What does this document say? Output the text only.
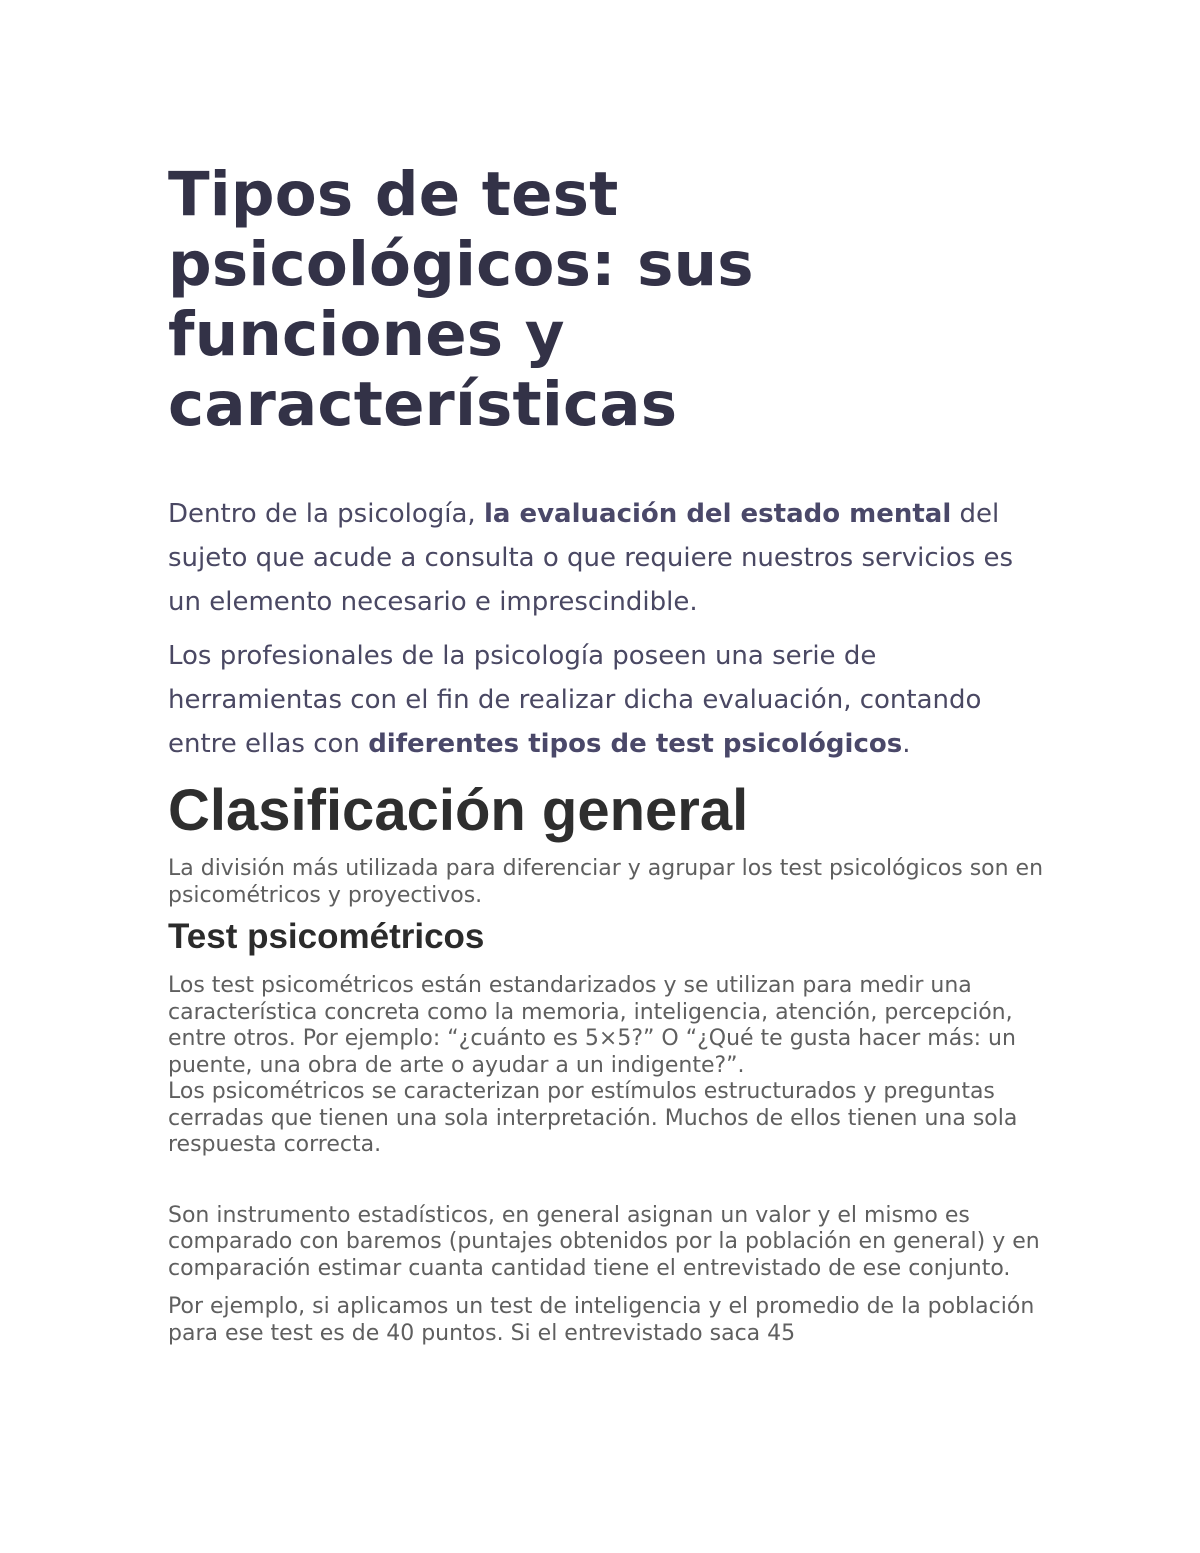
Tipos de test psicológicos: sus funciones y características

Dentro de la psicología, la evaluación del estado mental del sujeto que acude a consulta o que requiere nuestros servicios es un elemento necesario e imprescindible.

Los profesionales de la psicología poseen una serie de herramientas con el fin de realizar dicha evaluación, contando entre ellas con diferentes tipos de test psicológicos.

Clasificación general

La división más utilizada para diferenciar y agrupar los test psicológicos son en psicométricos y proyectivos.

Test psicométricos

Los test psicométricos están estandarizados y se utilizan para medir una característica concreta como la memoria, inteligencia, atención, percepción, entre otros. Por ejemplo: “¿cuánto es 5×5?” O “¿Qué te gusta hacer más: un puente, una obra de arte o ayudar a un indigente?”.

Los psicométricos se caracterizan por estímulos estructurados y preguntas cerradas que tienen una sola interpretación. Muchos de ellos tienen una sola respuesta correcta.

Son instrumento estadísticos, en general asignan un valor y el mismo es comparado con baremos (puntajes obtenidos por la población en general) y en comparación estimar cuanta cantidad tiene el entrevistado de ese conjunto.

Por ejemplo, si aplicamos un test de inteligencia y el promedio de la población para ese test es de 40 puntos. Si el entrevistado saca 45
